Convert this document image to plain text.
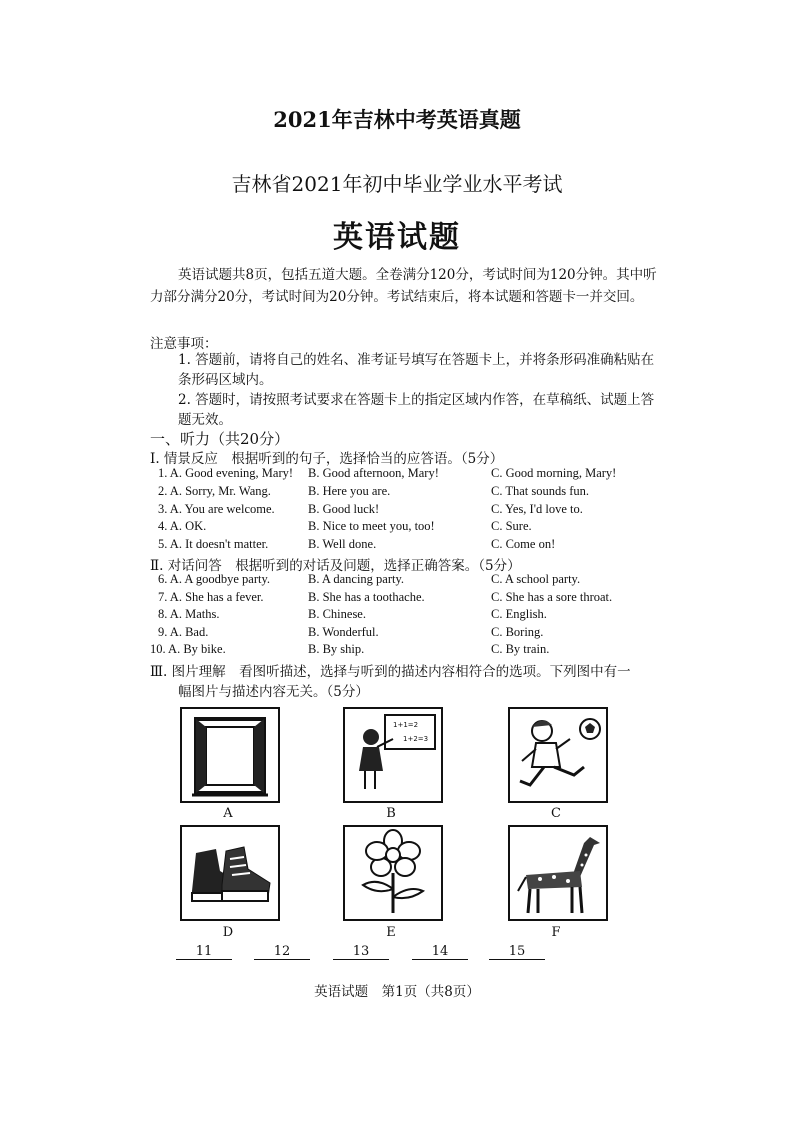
2021年吉林中考英语真题
吉林省2021年初中毕业学业水平考试
英语试题
英语试题共8页，包括五道大题。全卷满分120分，考试时间为120分钟。其中听力部分满分20分，考试时间为20分钟。考试结束后，将本试题和答题卡一并交回。
注意事项：
1. 答题前，请将自己的姓名、准考证号填写在答题卡上，并将条形码准确粘贴在条形码区域内。
2. 答题时，请按照考试要求在答题卡上的指定区域内作答，在草稿纸、试题上答题无效。
一、听力（共20分）
Ⅰ. 情景反应　根据听到的句子，选择恰当的应答语。（5分）
1. A. Good evening, Mary! B. Good afternoon, Mary!	C. Good morning, Mary!
2. A. Sorry, Mr. Wang.	B. Here you are.	C. That sounds fun.
3. A. You are welcome.	B. Good luck!	C. Yes, I'd love to.
4. A. OK.	B. Nice to meet you, too!	C. Sure.
5. A. It doesn't matter.	B. Well done.	C. Come on!
Ⅱ. 对话问答　根据听到的对话及问题，选择正确答案。（5分）
6. A. A goodbye party.	B. A dancing party.	C. A school party.
7. A. She has a fever.	B. She has a toothache.	C. She has a sore throat.
8. A. Maths.	B. Chinese.	C. English.
9. A. Bad.	B. Wonderful.	C. Boring.
10. A. By bike.	B. By ship.	C. By train.
Ⅲ. 图片理解　看图听描述，选择与听到的描述内容相符合的选项。下列图中有一
幅图片与描述内容无关。（5分）
A
1+1=2
1+2=3
B	C
D	E	F
11	12	13	14	15
英语试题　第1页（共8页）
